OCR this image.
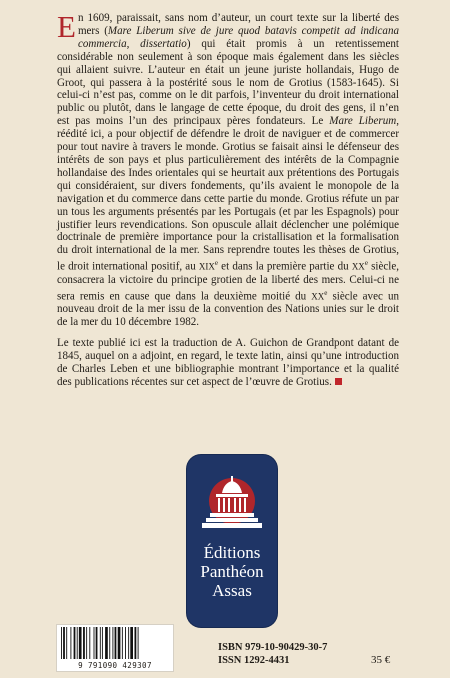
En 1609, paraissait, sans nom d’auteur, un court texte sur la liberté des mers (Mare Liberum sive de jure quod batavis competit ad indicana commercia, dissertatio) qui était promis à un retentissement considérable non seulement à son époque mais également dans les siècles qui allaient suivre. L’auteur en était un jeune juriste hollandais, Hugo de Groot, qui passera à la postérité sous le nom de Grotius (1583-1645). Si celui-ci n’est pas, comme on le dit parfois, l’inventeur du droit international public ou plutôt, dans le langage de cette époque, du droit des gens, il n’en est pas moins l’un des principaux pères fondateurs. Le Mare Liberum, réédité ici, a pour objectif de défendre le droit de naviguer et de commercer pour tout navire à travers le monde. Grotius se faisait ainsi le défenseur des intérêts de son pays et plus particulièrement des intérêts de la Compagnie hollandaise des Indes orientales qui se heurtait aux prétentions des Portugais qui considéraient, sur divers fondements, qu’ils avaient le monopole de la navigation et du commerce dans cette partie du monde. Grotius réfute un par un tous les arguments présentés par les Portugais (et par les Espagnols) pour justifier leurs revendications. Son opuscule allait déclencher une polémique doctrinale de première importance pour la cristallisation et la formalisation du droit international de la mer. Sans reprendre toutes les thèses de Grotius, le droit international positif, au XIXe et dans la première partie du XXe siècle, consacrera la victoire du principe grotien de la liberté des mers. Celui-ci ne sera remis en cause que dans la deuxième moitié du XXe siècle avec un nouveau droit de la mer issu de la convention des Nations unies sur le droit de la mer du 10 décembre 1982.

Le texte publié ici est la traduction de A. Guichon de Grandpont datant de 1845, auquel on a adjoint, en regard, le texte latin, ainsi qu’une introduction de Charles Leben et une bibliographie montrant l’importance et la qualité des publications récentes sur cet aspect de l’œuvre de Grotius.

Éditions
Panthéon
Assas
9 791090 429307
ISBN 979-10-90429-30-7
ISSN 1292-4431	35 €
